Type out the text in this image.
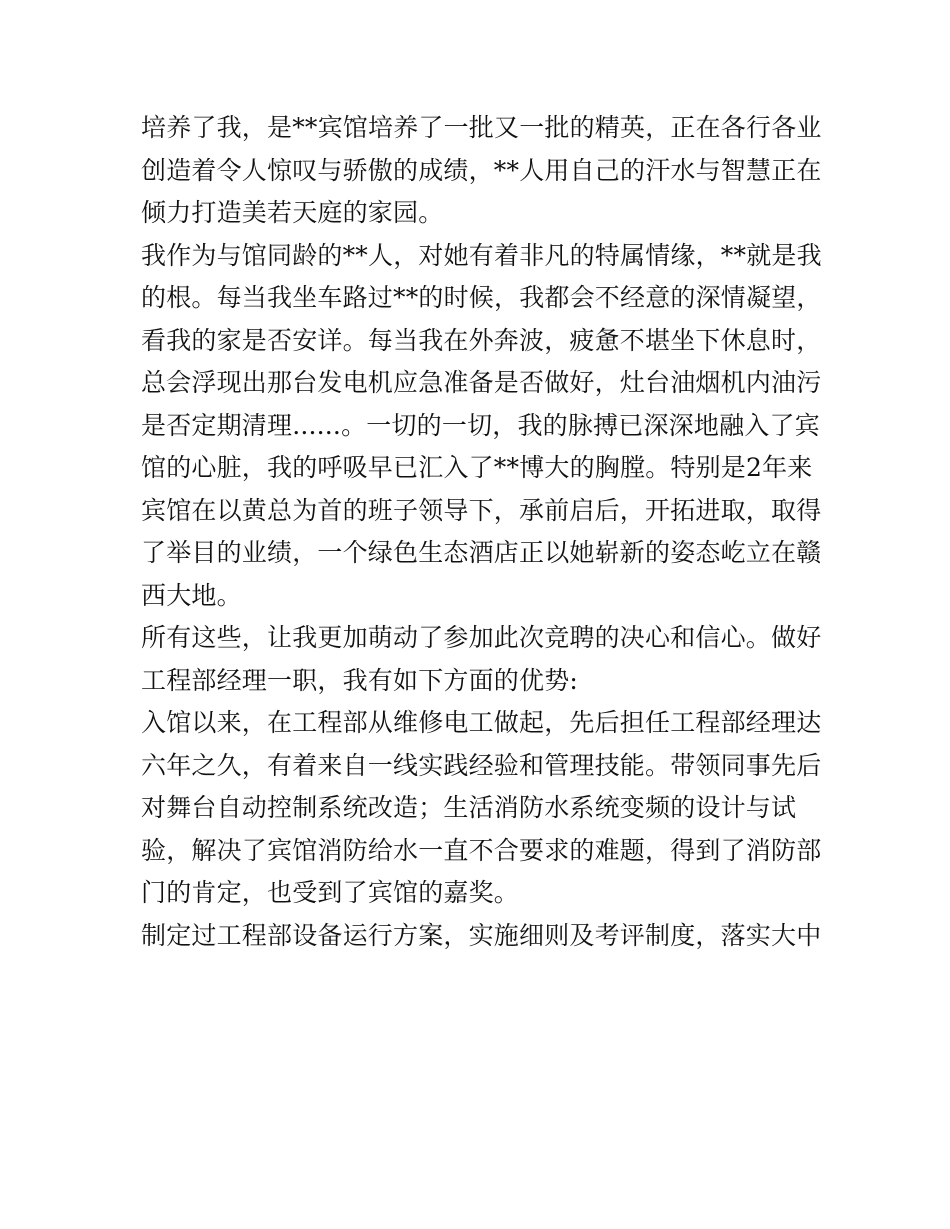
培养了我，是**宾馆培养了一批又一批的精英，正在各行各业
创造着令人惊叹与骄傲的成绩，**人用自己的汗水与智慧正在
倾力打造美若天庭的家园。

我作为与馆同龄的**人，对她有着非凡的特属情缘，**就是我
的根。每当我坐车路过**的时候，我都会不经意的深情凝望，
看我的家是否安详。每当我在外奔波，疲惫不堪坐下休息时，
总会浮现出那台发电机应急准备是否做好，灶台油烟机内油污
是否定期清理......。一切的一切，我的脉搏已深深地融入了宾
馆的心脏，我的呼吸早已汇入了**博大的胸膛。特别是2年来
宾馆在以黄总为首的班子领导下，承前启后，开拓进取，取得
了举目的业绩，一个绿色生态酒店正以她崭新的姿态屹立在赣
西大地。

所有这些，让我更加萌动了参加此次竞聘的决心和信心。做好
工程部经理一职，我有如下方面的优势:

入馆以来，在工程部从维修电工做起，先后担任工程部经理达
六年之久，有着来自一线实践经验和管理技能。带领同事先后
对舞台自动控制系统改造；生活消防水系统变频的设计与试
验，解决了宾馆消防给水一直不合要求的难题，得到了消防部
门的肯定，也受到了宾馆的嘉奖。

制定过工程部设备运行方案，实施细则及考评制度，落实大中
